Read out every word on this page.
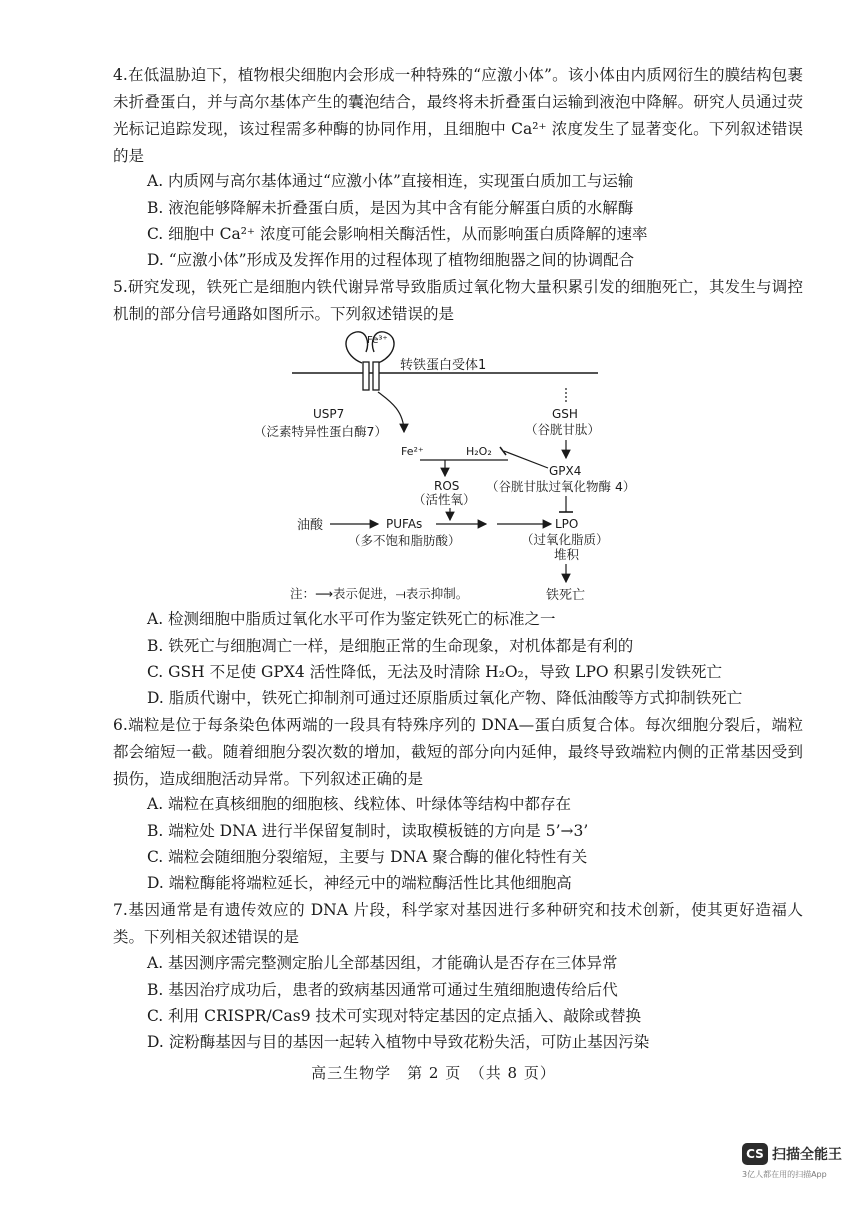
4.在低温胁迫下，植物根尖细胞内会形成一种特殊的“应激小体”。该小体由内质网衍生的膜结构包裹未折叠蛋白，并与高尔基体产生的囊泡结合，最终将未折叠蛋白运输到液泡中降解。研究人员通过荧光标记追踪发现，该过程需多种酶的协同作用，且细胞中 Ca²⁺ 浓度发生了显著变化。下列叙述错误的是
A. 内质网与高尔基体通过“应激小体”直接相连，实现蛋白质加工与运输
B. 液泡能够降解未折叠蛋白质，是因为其中含有能分解蛋白质的水解酶
C. 细胞中 Ca²⁺ 浓度可能会影响相关酶活性，从而影响蛋白质降解的速率
D. “应激小体”形成及发挥作用的过程体现了植物细胞器之间的协调配合
5.研究发现，铁死亡是细胞内铁代谢异常导致脂质过氧化物大量积累引发的细胞死亡，其发生与调控机制的部分信号通路如图所示。下列叙述错误的是
Fe³⁺
转铁蛋白受体1
USP7
（泛素特异性蛋白酶7）
Fe²⁺	H₂O₂
GSH
（谷胱甘肽）
GPX4
（谷胱甘肽过氧化物酶 4）
ROS
（活性氧）
油酸	PUFAs
（多不饱和脂肪酸）
LPO
（过氧化脂质）
堆积
铁死亡
注：⟶表示促进，⟞表示抑制。
A. 检测细胞中脂质过氧化水平可作为鉴定铁死亡的标准之一
B. 铁死亡与细胞凋亡一样，是细胞正常的生命现象，对机体都是有利的
C. GSH 不足使 GPX4 活性降低，无法及时清除 H₂O₂，导致 LPO 积累引发铁死亡
D. 脂质代谢中，铁死亡抑制剂可通过还原脂质过氧化产物、降低油酸等方式抑制铁死亡
6.端粒是位于每条染色体两端的一段具有特殊序列的 DNA—蛋白质复合体。每次细胞分裂后，端粒都会缩短一截。随着细胞分裂次数的增加，截短的部分向内延伸，最终导致端粒内侧的正常基因受到损伤，造成细胞活动异常。下列叙述正确的是
A. 端粒在真核细胞的细胞核、线粒体、叶绿体等结构中都存在
B. 端粒处 DNA 进行半保留复制时，读取模板链的方向是 5’→3’
C. 端粒会随细胞分裂缩短，主要与 DNA 聚合酶的催化特性有关
D. 端粒酶能将端粒延长，神经元中的端粒酶活性比其他细胞高
7.基因通常是有遗传效应的 DNA 片段，科学家对基因进行多种研究和技术创新，使其更好造福人类。下列相关叙述错误的是
A. 基因测序需完整测定胎儿全部基因组，才能确认是否存在三体异常
B. 基因治疗成功后，患者的致病基因通常可通过生殖细胞遗传给后代
C. 利用 CRISPR/Cas9 技术可实现对特定基因的定点插入、敲除或替换
D. 淀粉酶基因与目的基因一起转入植物中导致花粉失活，可防止基因污染
高三生物学　第 2 页　（共 8 页）
CS 扫描全能王
3亿人都在用的扫描App
